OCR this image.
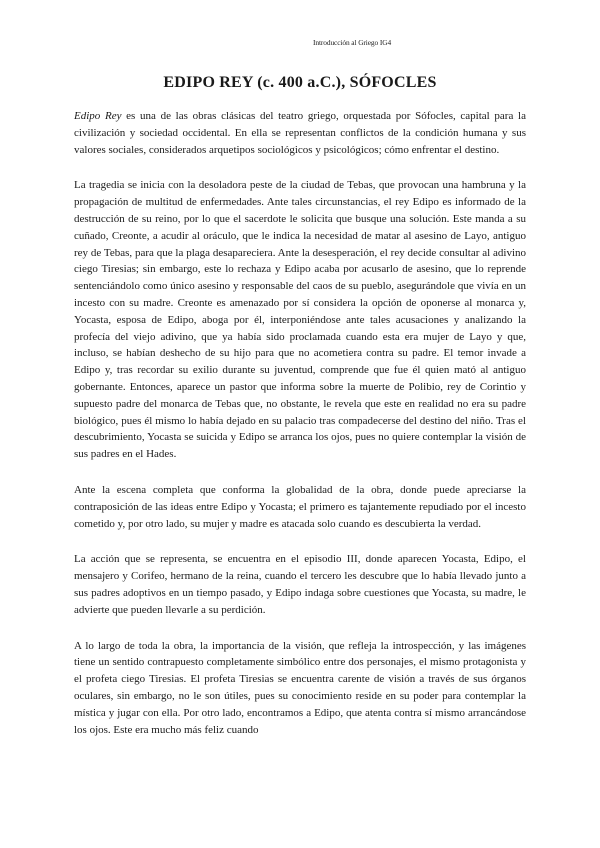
Introducción al Griego IG4
EDIPO REY (c. 400 a.C.), SÓFOCLES

Edipo Rey es una de las obras clásicas del teatro griego, orquestada por Sófocles, capital para la civilización y sociedad occidental. En ella se representan conflictos de la condición humana y sus valores sociales, considerados arquetipos sociológicos y psicológicos; cómo enfrentar el destino.

La tragedia se inicia con la desoladora peste de la ciudad de Tebas, que provocan una hambruna y la propagación de multitud de enfermedades. Ante tales circunstancias, el rey Edipo es informado de la destrucción de su reino, por lo que el sacerdote le solicita que busque una solución. Este manda a su cuñado, Creonte, a acudir al oráculo, que le indica la necesidad de matar al asesino de Layo, antiguo rey de Tebas, para que la plaga desapareciera. Ante la desesperación, el rey decide consultar al adivino ciego Tiresias; sin embargo, este lo rechaza y Edipo acaba por acusarlo de asesino, que lo reprende sentenciándolo como único asesino y responsable del caos de su pueblo, asegurándole que vivía en un incesto con su madre. Creonte es amenazado por sí considera la opción de oponerse al monarca y, Yocasta, esposa de Edipo, aboga por él, interponiéndose ante tales acusaciones y analizando la profecía del viejo adivino, que ya había sido proclamada cuando esta era mujer de Layo y que, incluso, se habían deshecho de su hijo para que no acometiera contra su padre. El temor invade a Edipo y, tras recordar su exilio durante su juventud, comprende que fue él quien mató al antiguo gobernante. Entonces, aparece un pastor que informa sobre la muerte de Polibio, rey de Corintio y supuesto padre del monarca de Tebas que, no obstante, le revela que este en realidad no era su padre biológico, pues él mismo lo había dejado en su palacio tras compadecerse del destino del niño. Tras el descubrimiento, Yocasta se suicida y Edipo se arranca los ojos, pues no quiere contemplar la visión de sus padres en el Hades.

Ante la escena completa que conforma la globalidad de la obra, donde puede apreciarse la contraposición de las ideas entre Edipo y Yocasta; el primero es tajantemente repudiado por el incesto cometido y, por otro lado, su mujer y madre es atacada solo cuando es descubierta la verdad.

La acción que se representa, se encuentra en el episodio III, donde aparecen Yocasta, Edipo, el mensajero y Corifeo, hermano de la reina, cuando el tercero les descubre que lo había llevado junto a sus padres adoptivos en un tiempo pasado, y Edipo indaga sobre cuestiones que Yocasta, su madre, le advierte que pueden llevarle a su perdición.

A lo largo de toda la obra, la importancia de la visión, que refleja la introspección, y las imágenes tiene un sentido contrapuesto completamente simbólico entre dos personajes, el mismo protagonista y el profeta ciego Tiresias. El profeta Tiresias se encuentra carente de visión a través de sus órganos oculares, sin embargo, no le son útiles, pues su conocimiento reside en su poder para contemplar la mística y jugar con ella. Por otro lado, encontramos a Edipo, que atenta contra sí mismo arrancándose los ojos. Este era mucho más feliz cuando
